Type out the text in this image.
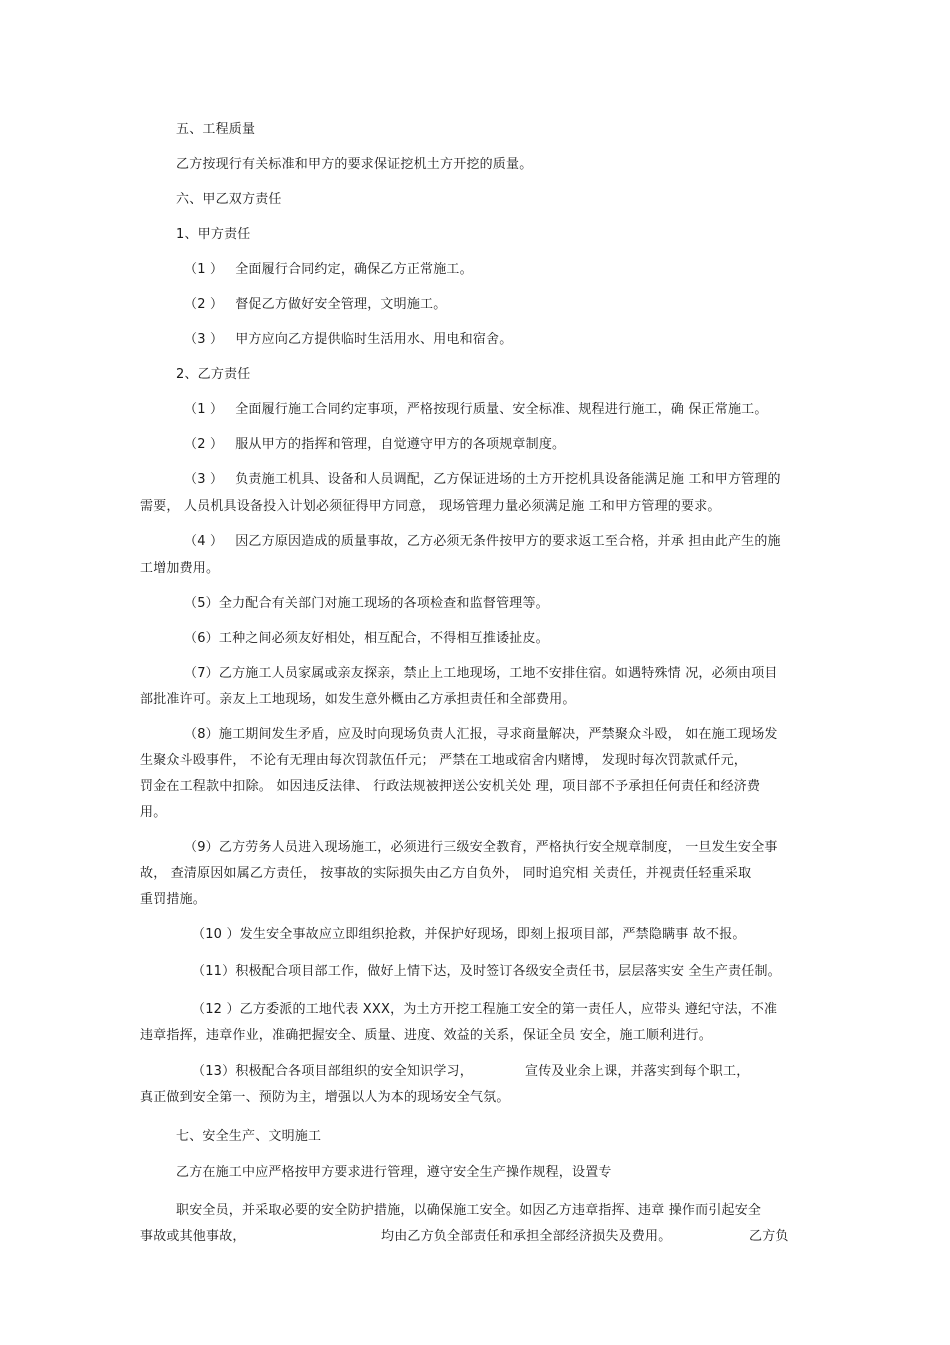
五、工程质量
乙方按现行有关标准和甲方的要求保证挖机土方开挖的质量。
六、甲乙双方责任
1、甲方责任
（1 ） 全面履行合同约定，确保乙方正常施工。
（2 ） 督促乙方做好安全管理，文明施工。
（3 ） 甲方应向乙方提供临时生活用水、用电和宿舍。
2、乙方责任
（1 ） 全面履行施工合同约定事项，严格按现行质量、安全标准、规程进行施工，确 保正常施工。
（2 ） 服从甲方的指挥和管理，自觉遵守甲方的各项规章制度。
（3 ） 负责施工机具、设备和人员调配，乙方保证进场的土方开挖机具设备能满足施 工和甲方管理的
需要， 人员机具设备投入计划必须征得甲方同意， 现场管理力量必须满足施 工和甲方管理的要求。
（4 ） 因乙方原因造成的质量事故，乙方必须无条件按甲方的要求返工至合格，并承 担由此产生的施
工增加费用。
（5）全力配合有关部门对施工现场的各项检查和监督管理等。
（6）工种之间必须友好相处，相互配合，不得相互推诿扯皮。
（7）乙方施工人员家属或亲友探亲，禁止上工地现场，工地不安排住宿。如遇特殊情 况，必须由项目
部批准许可。亲友上工地现场，如发生意外概由乙方承担责任和全部费用。
（8）施工期间发生矛盾，应及时向现场负责人汇报，寻求商量解决，严禁聚众斗殴， 如在施工现场发
生聚众斗殴事件， 不论有无理由每次罚款伍仟元； 严禁在工地或宿舍内赌博， 发现时每次罚款贰仟元，
罚金在工程款中扣除。 如因违反法律、 行政法规被押送公安机关处 理，项目部不予承担任何责任和经济费
用。
（9）乙方劳务人员进入现场施工，必须进行三级安全教育，严格执行安全规章制度， 一旦发生安全事
故， 查清原因如属乙方责任， 按事故的实际损失由乙方自负外， 同时追究相 关责任，并视责任轻重采取
重罚措施。
（10 ）发生安全事故应立即组织抢救，并保护好现场，即刻上报项目部，严禁隐瞒事 故不报。
（11）积极配合项目部工作，做好上情下达，及时签订各级安全责任书，层层落实安 全生产责任制。
（12 ）乙方委派的工地代表 XXX，为土方开挖工程施工安全的第一责任人，应带头 遵纪守法，不准
违章指挥，违章作业，准确把握安全、质量、进度、效益的关系，保证全员 安全，施工顺利进行。
（13）积极配合各项目部组织的安全知识学习，	宣传及业余上课，并落实到每个职工，
真正做到安全第一、预防为主，增强以人为本的现场安全气氛。
七、安全生产、文明施工
乙方在施工中应严格按甲方要求进行管理，遵守安全生产操作规程，设置专
职安全员，并采取必要的安全防护措施，以确保施工安全。如因乙方违章指挥、违章 操作而引起安全
事故或其他事故，	均由乙方负全部责任和承担全部经济损失及费用。	乙方负
